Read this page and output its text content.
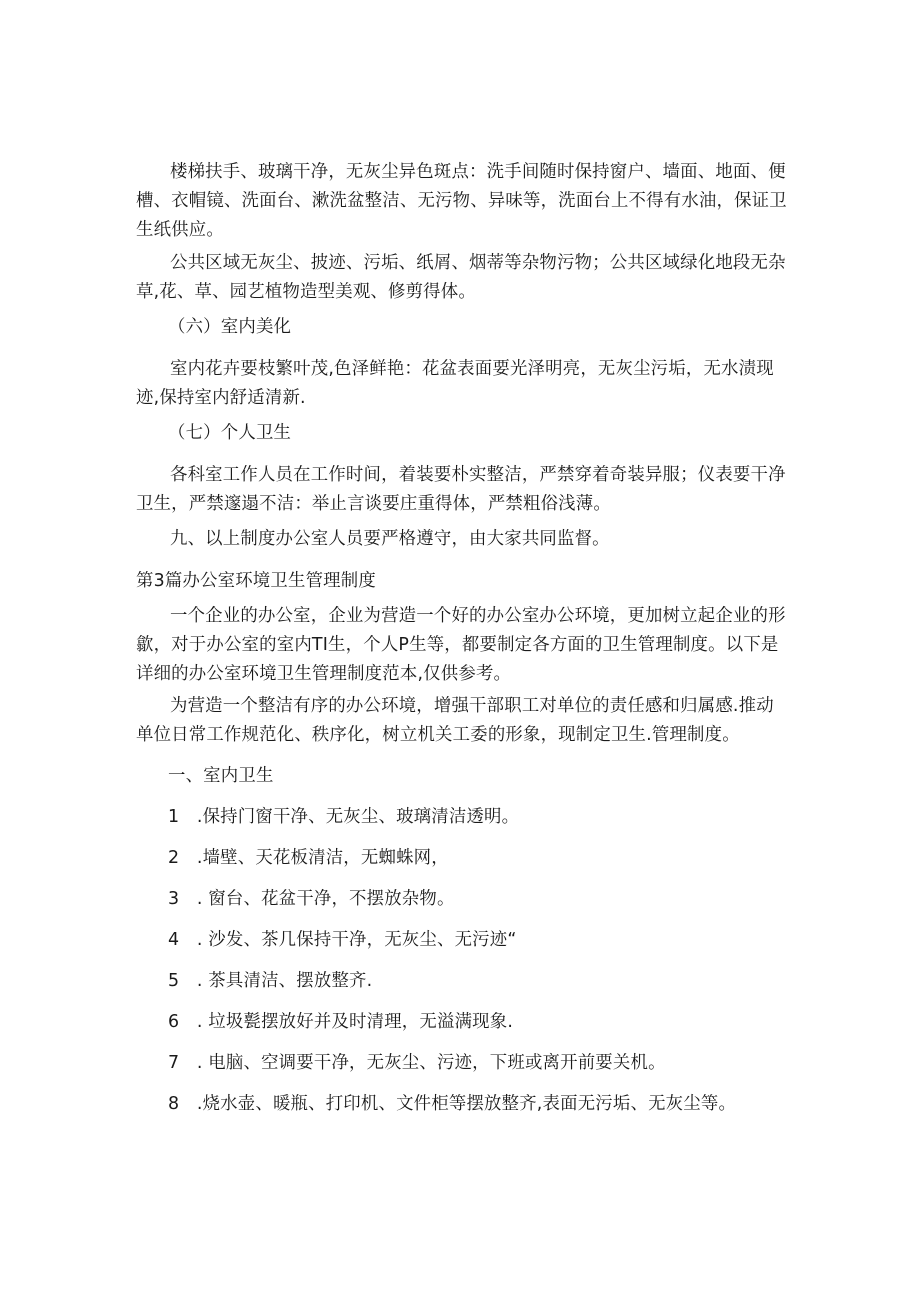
楼梯扶手、玻璃干净，无灰尘异色斑点：洗手间随时保持窗户、墙面、地面、便槽、衣帽镜、洗面台、漱洗盆整洁、无污物、异味等，洗面台上不得有水油，保证卫生纸供应。

公共区域无灰尘、披迹、污垢、纸屑、烟蒂等杂物污物；公共区域绿化地段无杂草,花、草、园艺植物造型美观、修剪得体。

（六）室内美化

室内花卉要枝繁叶茂,色泽鲜艳：花盆表面要光泽明亮，无灰尘污垢，无水渍现迹,保持室内舒适清新.

（七）个人卫生

各科室工作人员在工作时间，着装要朴实整洁，严禁穿着奇装异服；仪表要干净卫生，严禁邃遢不洁：举止言谈要庄重得体，严禁粗俗浅薄。

九、以上制度办公室人员要严格遵守，由大家共同监督。

第3篇办公室环境卫生管理制度

一个企业的办公室，企业为营造一个好的办公室办公环境，更加树立起企业的形歙，对于办公室的室内TI生，个人P生等，都要制定各方面的卫生管理制度。以下是详细的办公室环境卫生管理制度范本,仅供参考。

为营造一个整洁有序的办公环境，增强干部职工对单位的责任感和归属感.推动单位日常工作规范化、秩序化，树立机关工委的形象，现制定卫生.管理制度。

一、室内卫生

1　.保持门窗干净、无灰尘、玻璃清洁透明。

2　.墙壁、天花板清洁，无蜘蛛网，

3　. 窗台、花盆干净，不摆放杂物。

4　. 沙发、茶几保持干净，无灰尘、无污迹“

5　. 茶具清洁、摆放整齐.

6　. 垃圾甏摆放好并及时清理，无溢满现象.

7　. 电脑、空调要干净，无灰尘、污迹，下班或离开前要关机。

8　.烧水壶、暖瓶、打印机、文件柜等摆放整齐,表面无污垢、无灰尘等。
